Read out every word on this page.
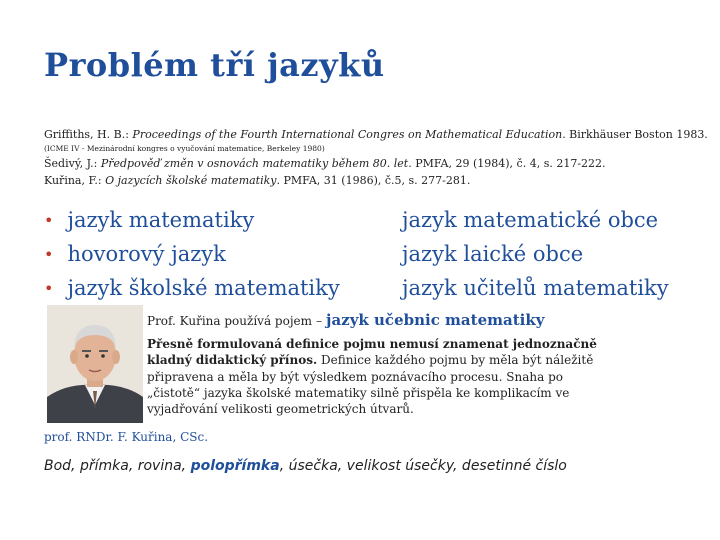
Problém tří jazyků
Griffiths, H. B.: Proceedings of the Fourth International Congres on Mathematical Education. Birkhäuser Boston 1983.
(ICME IV - Mezinárodní kongres o vyučování matematice, Berkeley 1980)
Šedivý, J.: Předpověď změn v osnovách matematiky během 80. let. PMFA, 29 (1984), č. 4, s. 217-222.
Kuřina, F.: O jazycích školské matematiky. PMFA, 31 (1986), č.5, s. 277-281.
• jazyk matematiky	jazyk matematické obce
• hovorový jazyk	jazyk laické obce
• jazyk školské matematiky	jazyk učitelů matematiky
Prof. Kuřina používá pojem – jazyk učebnic matematiky
Přesně formulovaná definice pojmu nemusí znamenat jednoznačně kladný didaktický přínos. Definice každého pojmu by měla být náležitě připravena a měla by být výsledkem poznávacího procesu. Snaha po „čistotě“ jazyka školské matematiky silně přispěla ke komplikacím ve vyjadřování velikosti geometrických útvarů.
prof. RNDr. F. Kuřina, CSc.
Bod, přímka, rovina, polopřímka, úsečka, velikost úsečky, desetinné číslo
